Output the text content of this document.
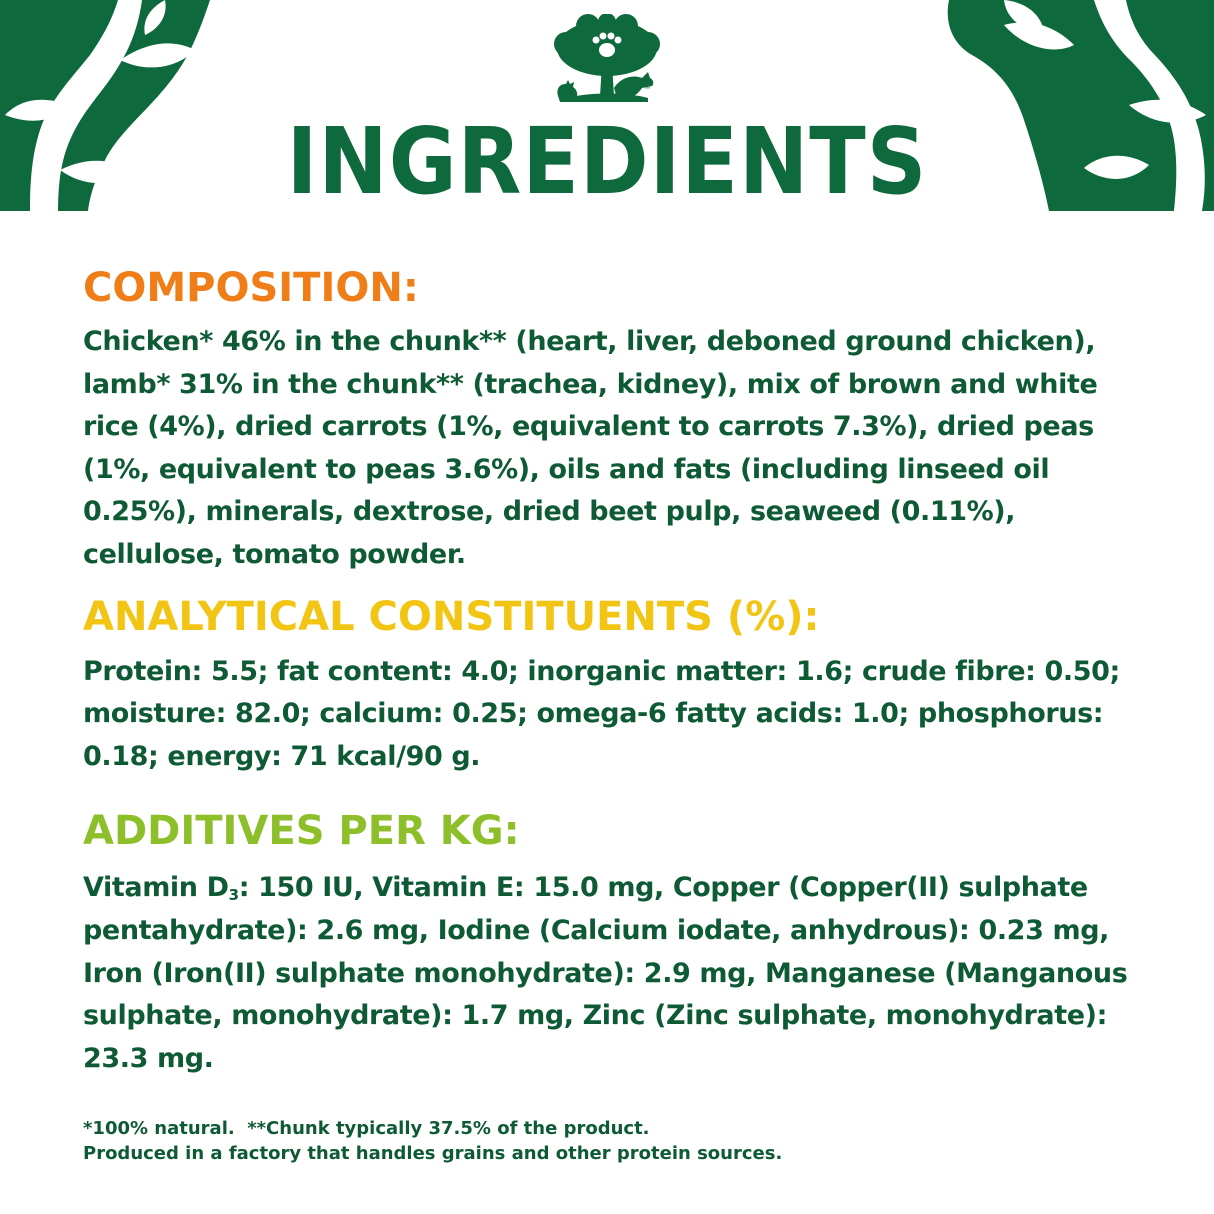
™
INGREDIENTS
COMPOSITION:

Chicken* 46% in the chunk** (heart, liver, deboned ground chicken), lamb* 31% in the chunk** (trachea, kidney), mix of brown and white rice (4%), dried carrots (1%, equivalent to carrots 7.3%), dried peas (1%, equivalent to peas 3.6%), oils and fats (including linseed oil 0.25%), minerals, dextrose, dried beet pulp, seaweed (0.11%), cellulose, tomato powder.

ANALYTICAL CONSTITUENTS (%):

Protein: 5.5; fat content: 4.0; inorganic matter: 1.6; crude fibre: 0.50; moisture: 82.0; calcium: 0.25; omega-6 fatty acids: 1.0; phosphorus: 0.18; energy: 71 kcal/90 g.

ADDITIVES PER KG:

Vitamin $D_3$: 150 IU, Vitamin E: 15.0 mg, Copper (Copper(II) sulphate pentahydrate): 2.6 mg, Iodine (Calcium iodate, anhydrous): 0.23 mg, Iron (Iron(II) sulphate monohydrate): 2.9 mg, Manganese (Manganous sulphate, monohydrate): 1.7 mg, Zinc (Zinc sulphate, monohydrate): 23.3 mg.

*100% natural.  **Chunk typically 37.5% of the product.

Produced in a factory that handles grains and other protein sources.
